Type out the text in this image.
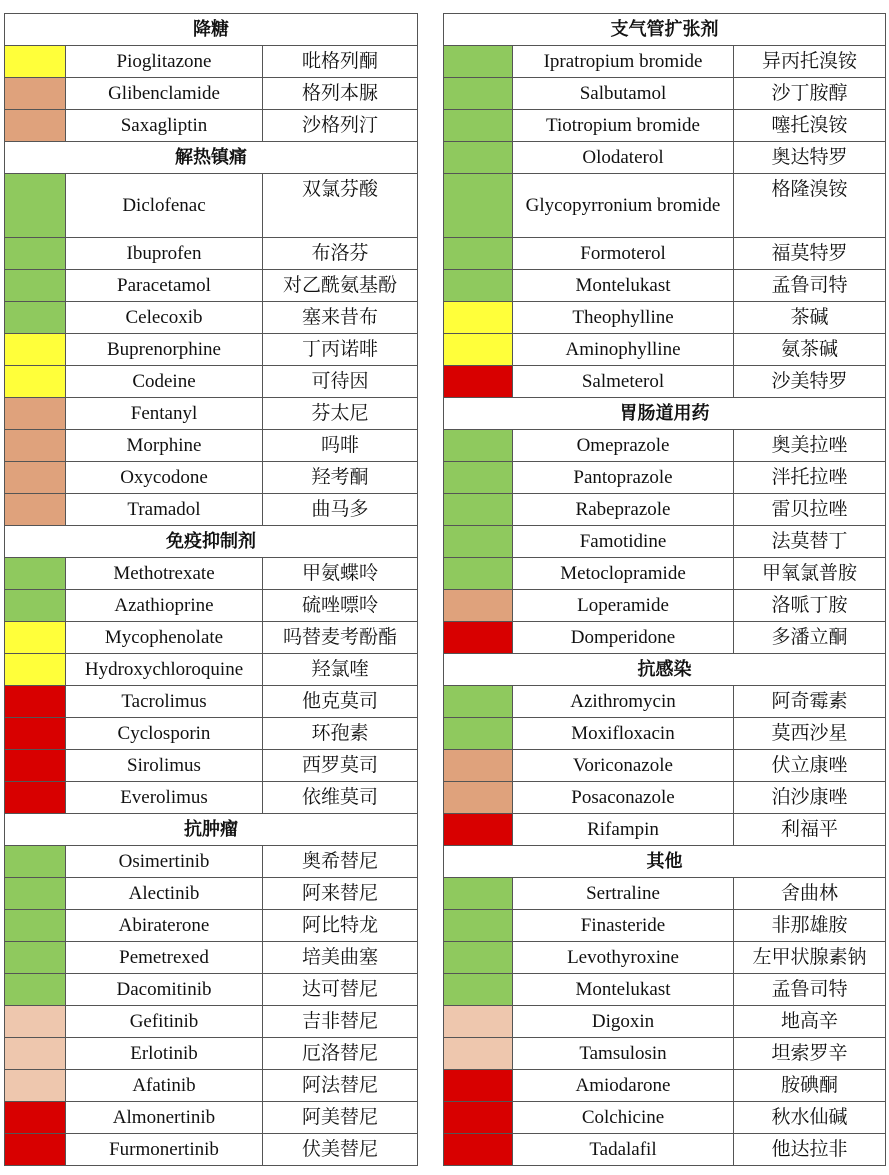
降糖		
	Pioglitazone	吡格列酮
	Glibenclamide	格列本脲
	Saxagliptin	沙格列汀
解热镇痛		
	Diclofenac	双氯芬酸
	Ibuprofen	布洛芬
	Paracetamol	对乙酰氨基酚
	Celecoxib	塞来昔布
	Buprenorphine	丁丙诺啡
	Codeine	可待因
	Fentanyl	芬太尼
	Morphine	吗啡
	Oxycodone	羟考酮
	Tramadol	曲马多
免疫抑制剂		
	Methotrexate	甲氨蝶呤
	Azathioprine	硫唑嘌呤
	Mycophenolate	吗替麦考酚酯
	Hydroxychloroquine	羟氯喹
	Tacrolimus	他克莫司
	Cyclosporin	环孢素
	Sirolimus	西罗莫司
	Everolimus	依维莫司
抗肿瘤		
	Osimertinib	奥希替尼
	Alectinib	阿来替尼
	Abiraterone	阿比特龙
	Pemetrexed	培美曲塞
	Dacomitinib	达可替尼
	Gefitinib	吉非替尼
	Erlotinib	厄洛替尼
	Afatinib	阿法替尼
	Almonertinib	阿美替尼
	Furmonertinib	伏美替尼
支气管扩张剂		
	Ipratropium bromide	异丙托溴铵
	Salbutamol	沙丁胺醇
	Tiotropium bromide	噻托溴铵
	Olodaterol	奥达特罗
	Glycopyrronium bromide	格隆溴铵
	Formoterol	福莫特罗
	Montelukast	孟鲁司特
	Theophylline	茶碱
	Aminophylline	氨茶碱
	Salmeterol	沙美特罗
胃肠道用药		
	Omeprazole	奥美拉唑
	Pantoprazole	泮托拉唑
	Rabeprazole	雷贝拉唑
	Famotidine	法莫替丁
	Metoclopramide	甲氧氯普胺
	Loperamide	洛哌丁胺
	Domperidone	多潘立酮
抗感染		
	Azithromycin	阿奇霉素
	Moxifloxacin	莫西沙星
	Voriconazole	伏立康唑
	Posaconazole	泊沙康唑
	Rifampin	利福平
其他		
	Sertraline	舍曲林
	Finasteride	非那雄胺
	Levothyroxine	左甲状腺素钠
	Montelukast	孟鲁司特
	Digoxin	地高辛
	Tamsulosin	坦索罗辛
	Amiodarone	胺碘酮
	Colchicine	秋水仙碱
	Tadalafil	他达拉非
